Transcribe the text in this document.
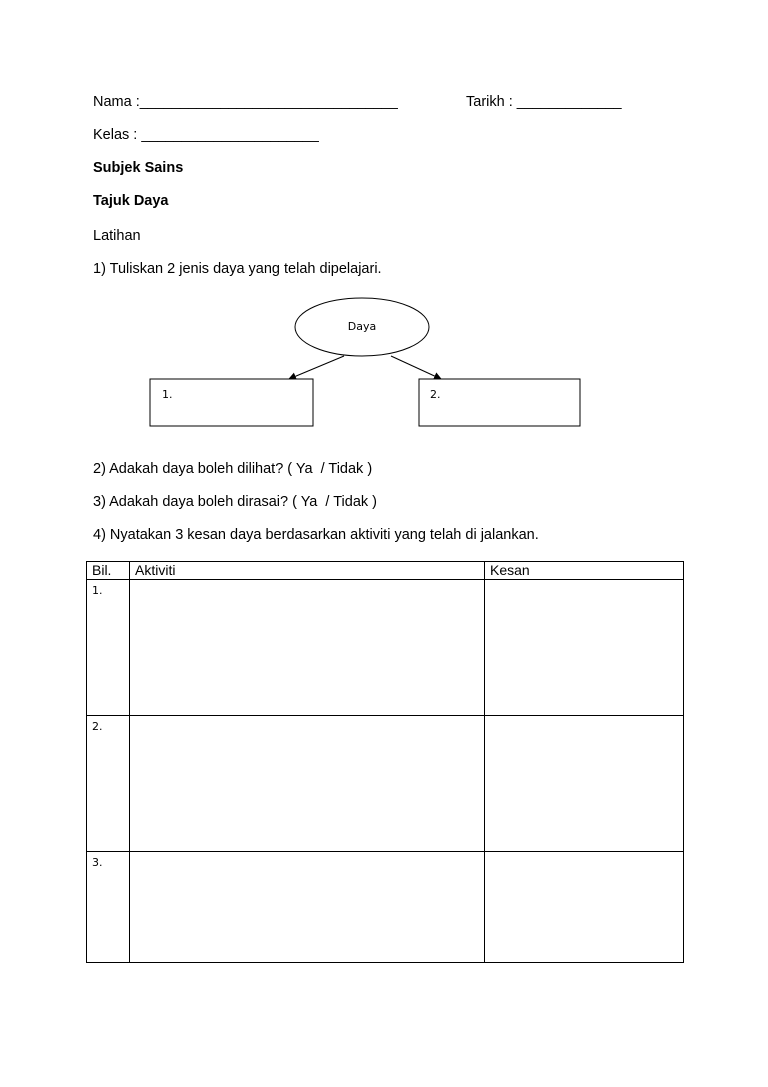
Nama :________________________________	Tarikh : _____________
Kelas : ______________________
Subjek Sains
Tajuk Daya
Latihan
1) Tuliskan 2 jenis daya yang telah dipelajari.
Daya
1.	2.
2) Adakah daya boleh dilihat? ( Ya  / Tidak )
3) Adakah daya boleh dirasai? ( Ya  / Tidak )
4) Nyatakan 3 kesan daya berdasarkan aktiviti yang telah di jalankan.
Bil.	Aktiviti	Kesan
1.		
2.		
3.		
